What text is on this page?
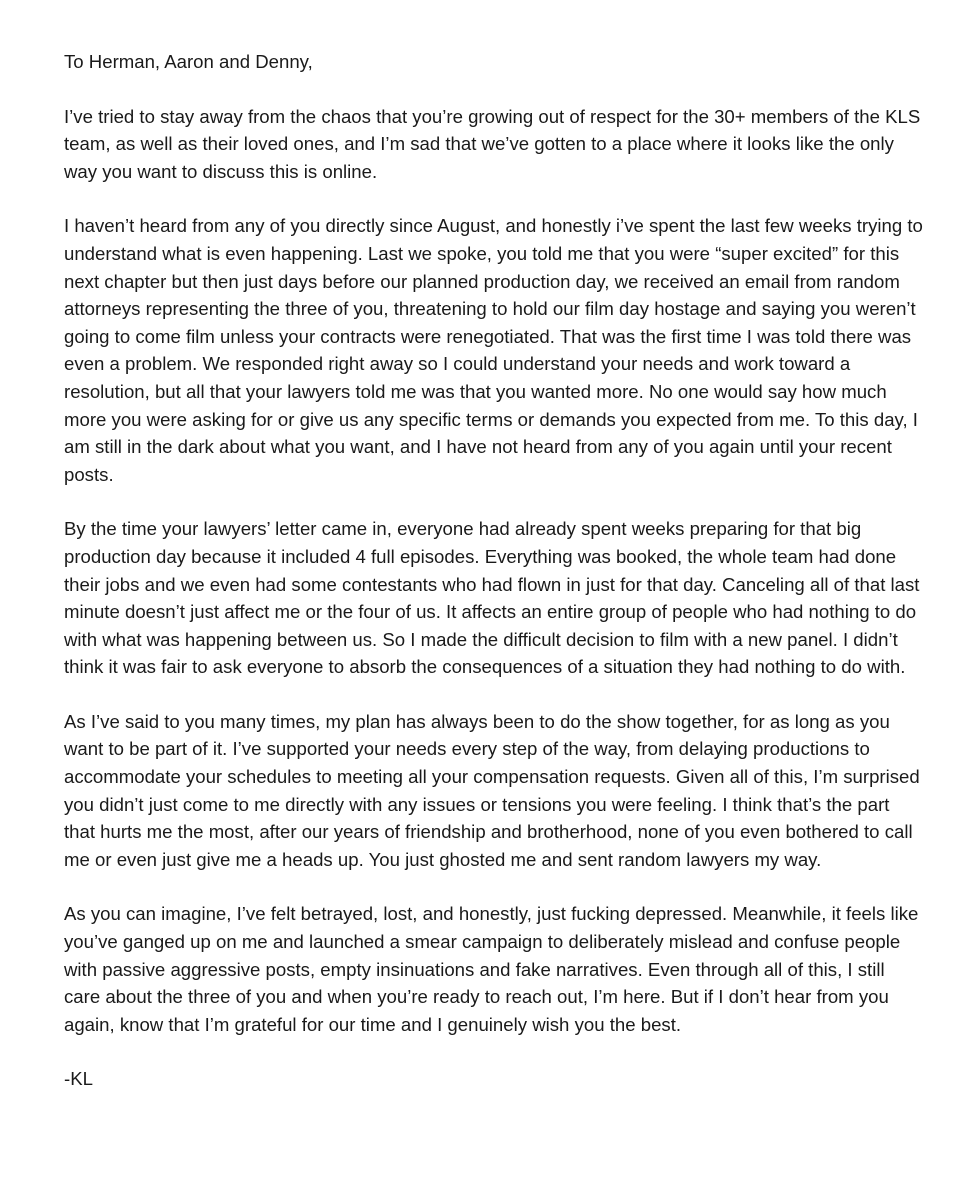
To Herman, Aaron and Denny,

I’ve tried to stay away from the chaos that you’re growing out of respect for the 30+ members of the KLS team, as well as their loved ones, and I’m sad that we’ve gotten to a place where it looks like the only way you want to discuss this is online.

I haven’t heard from any of you directly since August, and honestly i’ve spent the last few weeks trying to understand what is even happening. Last we spoke, you told me that you were “super excited” for this next chapter but then just days before our planned production day, we received an email from random attorneys representing the three of you, threatening to hold our film day hostage and saying you weren’t going to come film unless your contracts were renegotiated. That was the first time I was told there was even a problem. We responded right away so I could understand your needs and work toward a resolution, but all that your lawyers told me was that you wanted more. No one would say how much more you were asking for or give us any specific terms or demands you expected from me. To this day, I am still in the dark about what you want, and I have not heard from any of you again until your recent posts.

By the time your lawyers’ letter came in, everyone had already spent weeks preparing for that big production day because it included 4 full episodes. Everything was booked, the whole team had done their jobs and we even had some contestants who had flown in just for that day. Canceling all of that last minute doesn’t just affect me or the four of us. It affects an entire group of people who had nothing to do with what was happening between us. So I made the difficult decision to film with a new panel. I didn’t think it was fair to ask everyone to absorb the consequences of a situation they had nothing to do with.

As I’ve said to you many times, my plan has always been to do the show together, for as long as you want to be part of it. I’ve supported your needs every step of the way, from delaying productions to accommodate your schedules to meeting all your compensation requests. Given all of this, I’m surprised you didn’t just come to me directly with any issues or tensions you were feeling. I think that’s the part that hurts me the most, after our years of friendship and brotherhood, none of you even bothered to call me or even just give me a heads up. You just ghosted me and sent random lawyers my way.

As you can imagine, I’ve felt betrayed, lost, and honestly, just fucking depressed. Meanwhile, it feels like you’ve ganged up on me and launched a smear campaign to deliberately mislead and confuse people with passive aggressive posts, empty insinuations and fake narratives. Even through all of this, I still care about the three of you and when you’re ready to reach out, I’m here. But if I don’t hear from you again, know that I’m grateful for our time and I genuinely wish you the best.

-KL
